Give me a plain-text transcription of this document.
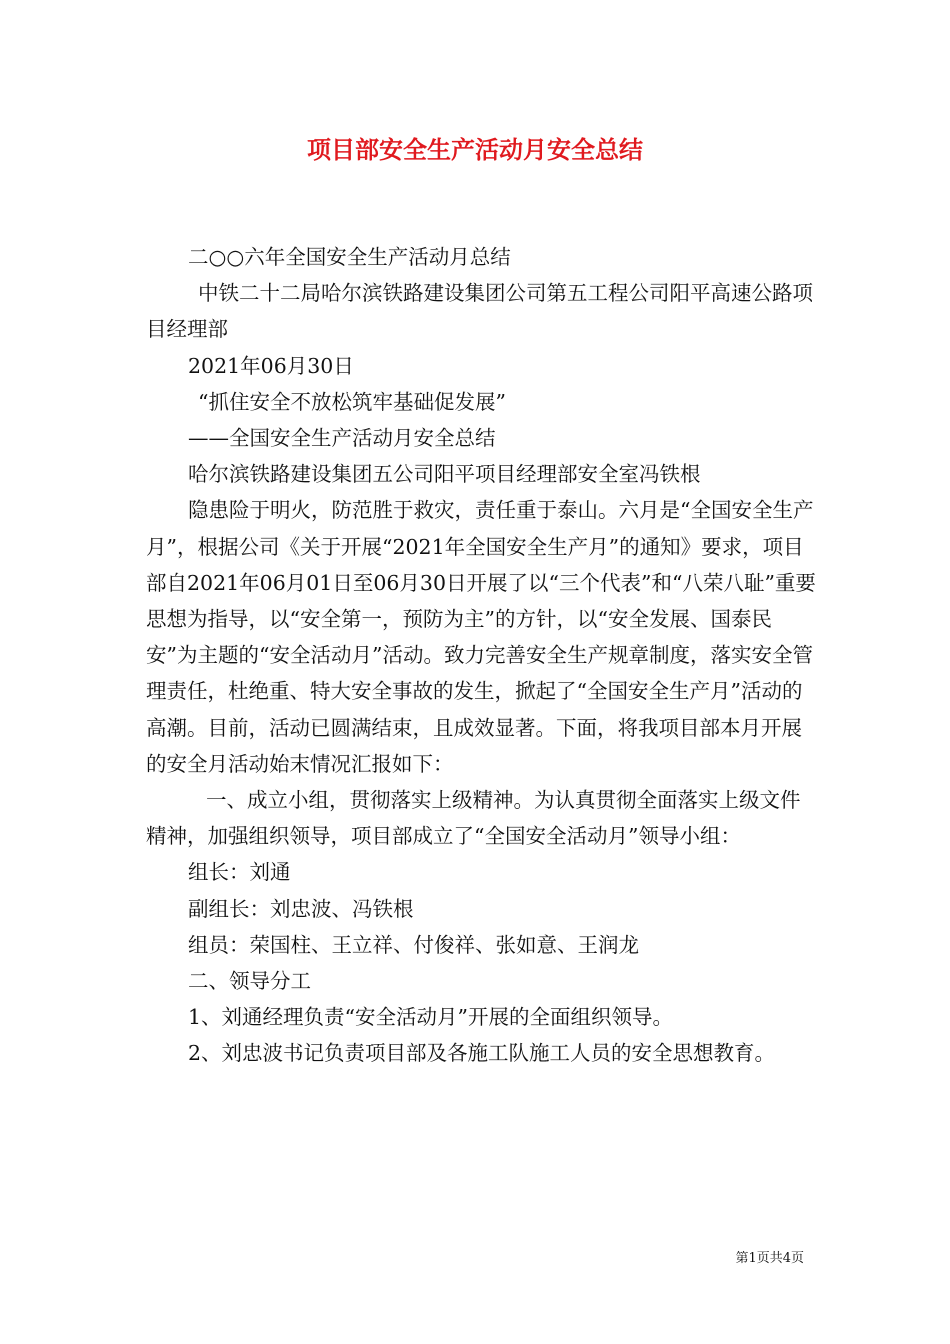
项目部安全生产活动月安全总结

二○○六年全国安全生产活动月总结

中铁二十二局哈尔滨铁路建设集团公司第五工程公司阳平高速公路项目经理部

2021年06月30日

“抓住安全不放松筑牢基础促发展”

——全国安全生产活动月安全总结

哈尔滨铁路建设集团五公司阳平项目经理部安全室冯铁根

隐患险于明火，防范胜于救灾，责任重于泰山。六月是“全国安全生产月”，根据公司《关于开展“2021年全国安全生产月”的通知》要求，项目部自2021年06月01日至06月30日开展了以“三个代表”和“八荣八耻”重要思想为指导，以“安全第一，预防为主”的方针，以“安全发展、国泰民安”为主题的“安全活动月”活动。致力完善安全生产规章制度，落实安全管理责任，杜绝重、特大安全事故的发生，掀起了“全国安全生产月”活动的高潮。目前，活动已圆满结束，且成效显著。下面，将我项目部本月开展的安全月活动始末情况汇报如下：

一、成立小组，贯彻落实上级精神。为认真贯彻全面落实上级文件精神，加强组织领导，项目部成立了“全国安全活动月”领导小组：

组长：刘通

副组长：刘忠波、冯铁根

组员：荣国柱、王立祥、付俊祥、张如意、王润龙

二、领导分工

1、刘通经理负责“安全活动月”开展的全面组织领导。

2、刘忠波书记负责项目部及各施工队施工人员的安全思想教育。

第1页共4页
